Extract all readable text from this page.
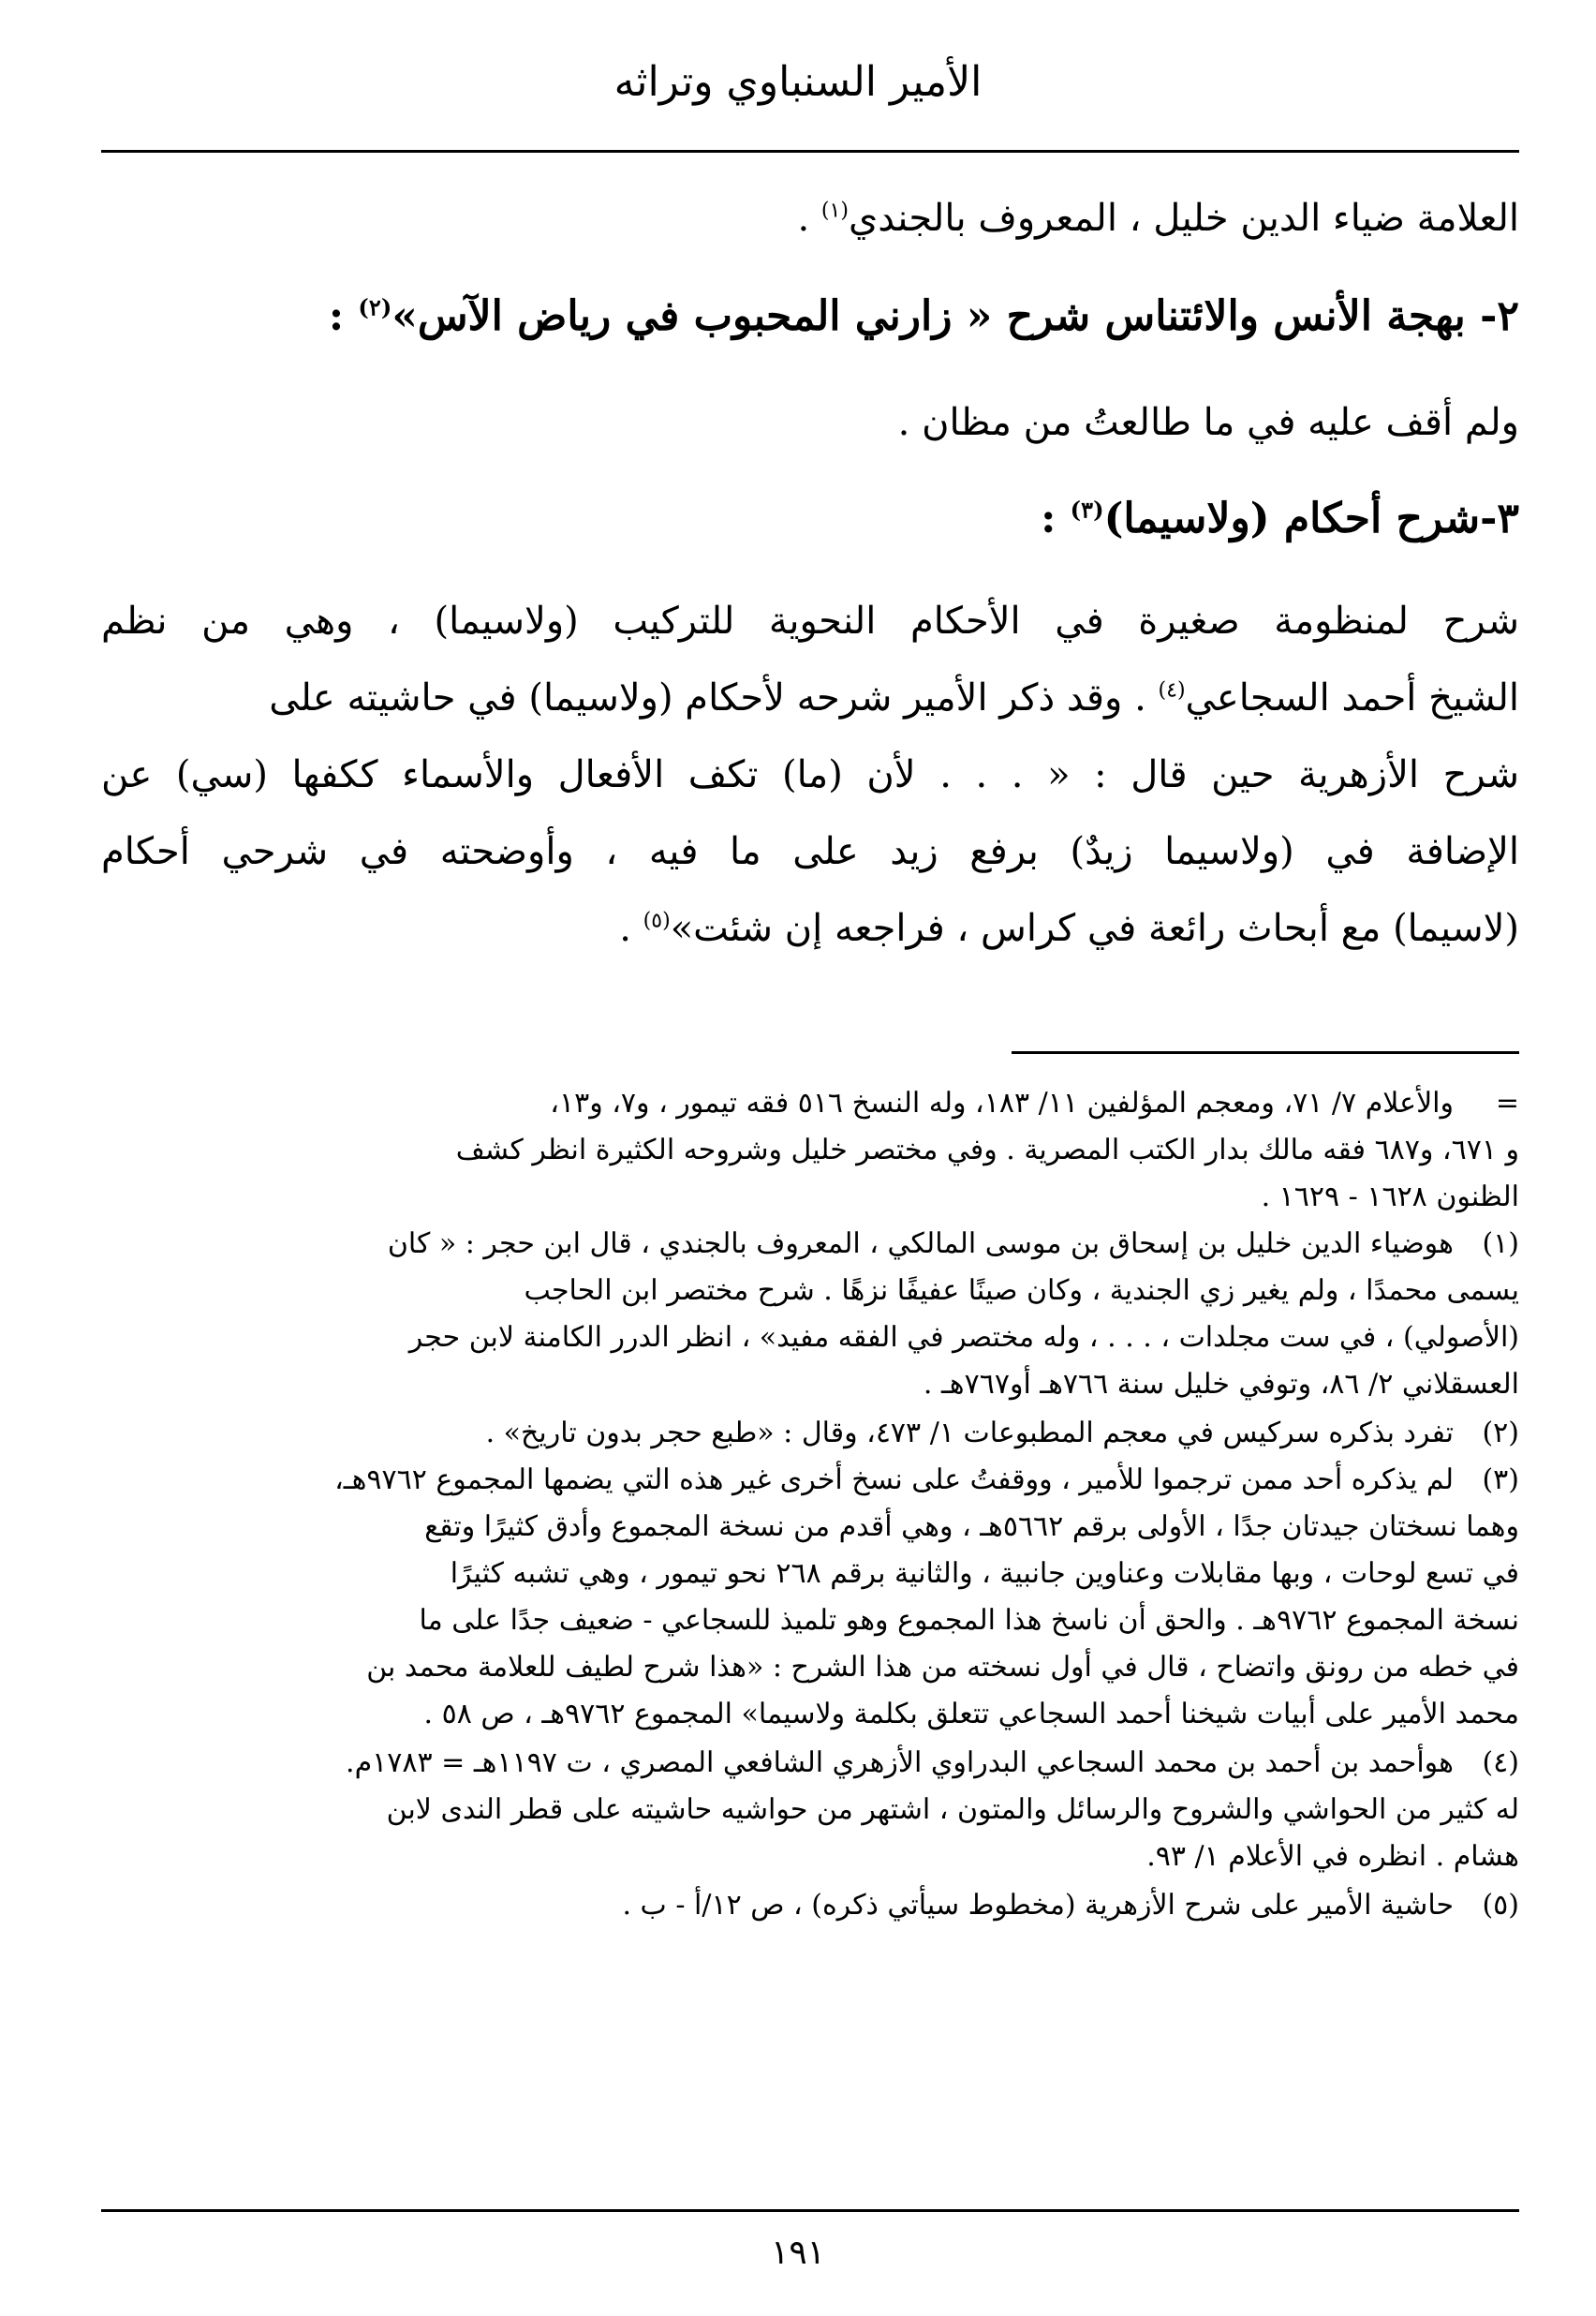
الأمير السنباوي وتراثه
العلامة ضياء الدين خليل ، المعروف بالجندي$^{(١)}$ .
٢- بهجة الأنس والائتناس شرح « زارني المحبوب في رياض الآس»$^{(٢)}$ :
ولم أقف عليه في ما طالعتُ من مظان .
٣-شرح أحكام (ولاسيما)$^{(٣)}$ :
شرح لمنظومة صغيرة في الأحكام النحوية للتركيب (ولاسيما) ، وهي من نظم
الشيخ أحمد السجاعي$^{(٤)}$ . وقد ذكر الأمير شرحه لأحكام (ولاسيما) في حاشيته على
شرح الأزهرية حين قال : « . . . لأن (ما) تكف الأفعال والأسماء ككفها (سي) عن
الإضافة في (ولاسيما زيدٌ) برفع زيد على ما فيه ، وأوضحته في شرحي أحكام
(لاسيما) مع أبحاث رائعة في كراس ، فراجعه إن شئت»$^{(٥)}$ .
=
والأعلام ٧/ ٧١، ومعجم المؤلفين ١١/ ١٨٣، وله النسخ ٥١٦ فقه تيمور ، و٧، و١٣،
و ٦٧١، و٦٨٧ فقه مالك بدار الكتب المصرية . وفي مختصر خليل وشروحه الكثيرة انظر كشف
الظنون ١٦٢٨ - ١٦٢٩ .
(١)
هوضياء الدين خليل بن إسحاق بن موسى المالكي ، المعروف بالجندي ، قال ابن حجر : « كان
يسمى محمدًا ، ولم يغير زي الجندية ، وكان صينًا عفيفًا نزهًا . شرح مختصر ابن الحاجب
(الأصولي) ، في ست مجلدات ، . . . ، وله مختصر في الفقه مفيد» ، انظر الدرر الكامنة لابن حجر
العسقلاني ٢/ ٨٦، وتوفي خليل سنة ٧٦٦هـ أو٧٦٧هـ .
(٢)
تفرد بذكره سركيس في معجم المطبوعات ١/ ٤٧٣، وقال : «طبع حجر بدون تاريخ» .
(٣)
لم يذكره أحد ممن ترجموا للأمير ، ووقفتُ على نسخ أخرى غير هذه التي يضمها المجموع ٩٧٦٢هـ،
وهما نسختان جيدتان جدًا ، الأولى برقم ٥٦٦٢هـ ، وهي أقدم من نسخة المجموع وأدق كثيرًا وتقع
في تسع لوحات ، وبها مقابلات وعناوين جانبية ، والثانية برقم ٢٦٨ نحو تيمور ، وهي تشبه كثيرًا
نسخة المجموع ٩٧٦٢هـ . والحق أن ناسخ هذا المجموع وهو تلميذ للسجاعي - ضعيف جدًا على ما
في خطه من رونق واتضاح ، قال في أول نسخته من هذا الشرح : «هذا شرح لطيف للعلامة محمد بن
محمد الأمير على أبيات شيخنا أحمد السجاعي تتعلق بكلمة ولاسيما» المجموع ٩٧٦٢هـ ، ص ٥٨ .
(٤)
هوأحمد بن أحمد بن محمد السجاعي البدراوي الأزهري الشافعي المصري ، ت ١١٩٧هـ = ١٧٨٣م.
له كثير من الحواشي والشروح والرسائل والمتون ، اشتهر من حواشيه حاشيته على قطر الندى لابن
هشام . انظره في الأعلام ١/ ٩٣.
(٥)
حاشية الأمير على شرح الأزهرية (مخطوط سيأتي ذكره) ، ص ١٢/أ - ب .
١٩١
